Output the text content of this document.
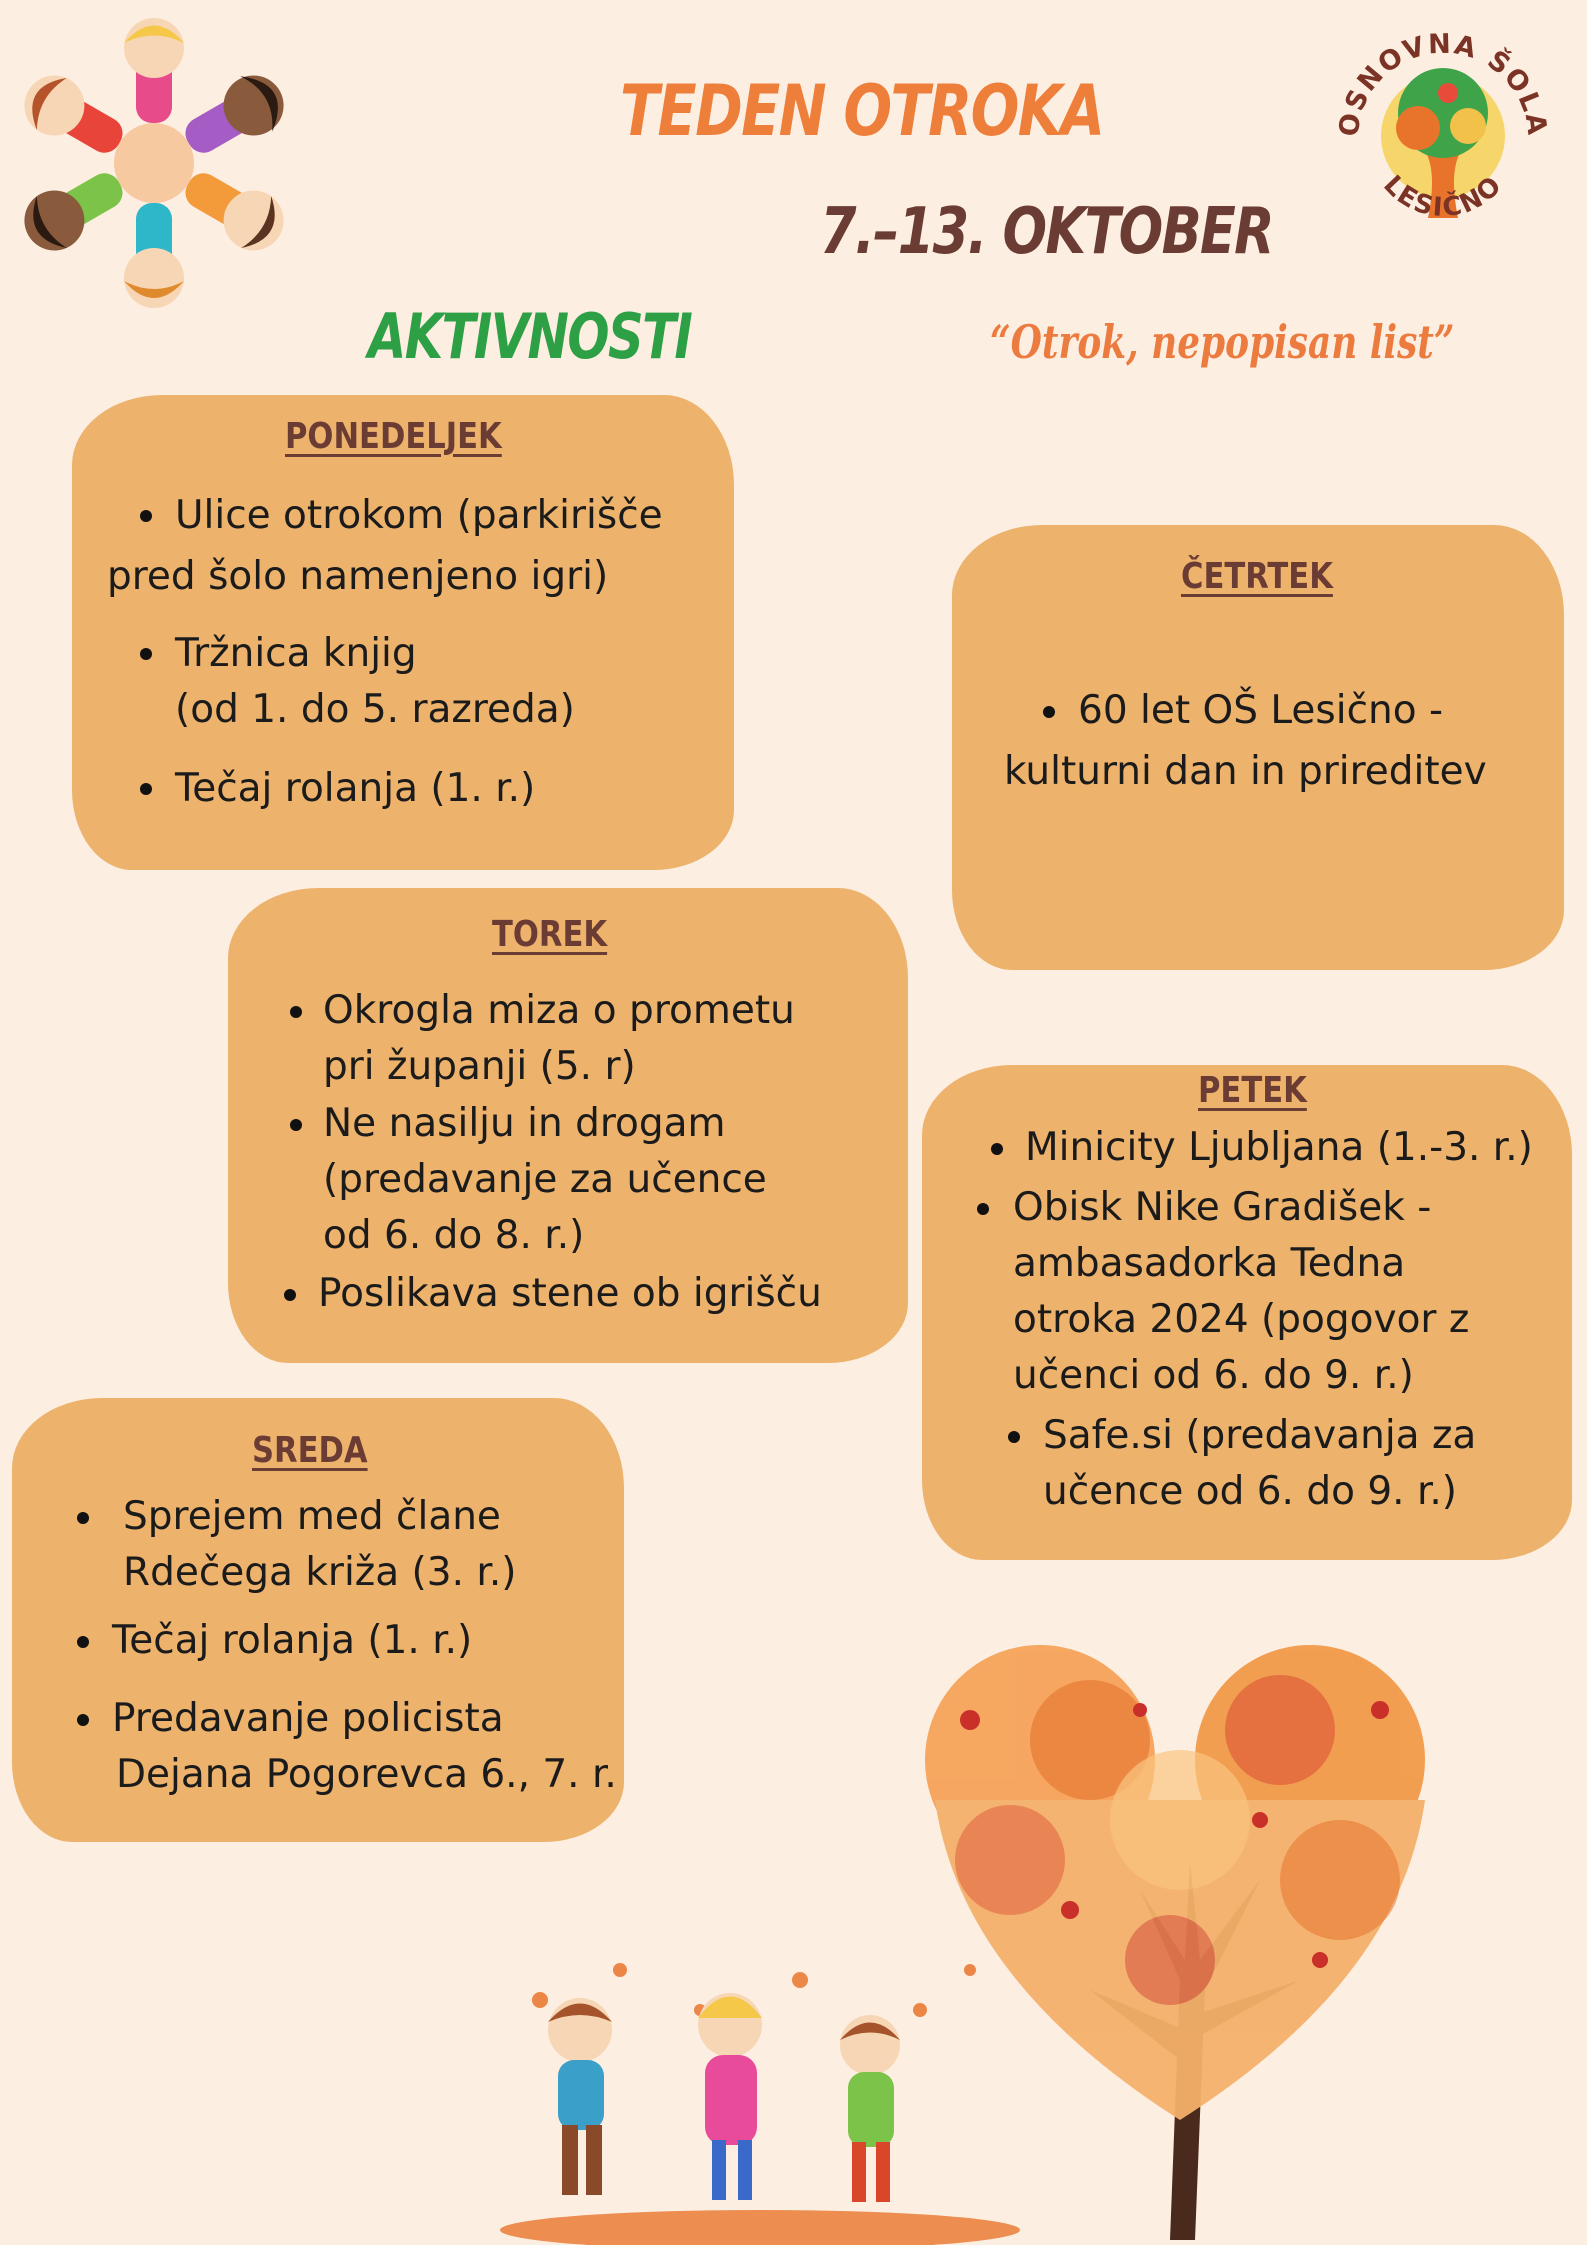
TEDEN OTROKA
7.–13. OKTOBER
AKTIVNOSTI	“Otrok, nepopisan list”
OSNOVNA ŠOLA
LESIČNO
PONEDELJEK
Ulice otrokom (parkirišče
pred šolo namenjeno igri)
Tržnica knjig
(od 1. do 5. razreda)
Tečaj rolanja (1. r.)
TOREK
Okrogla miza o prometu
pri županji (5. r)
Ne nasilju in drogam
(predavanje za učence
od 6. do 8. r.)
Poslikava stene ob igrišču
SREDA
Sprejem med člane
Rdečega križa (3. r.)
Tečaj rolanja (1. r.)
Predavanje policista
Dejana Pogorevca 6., 7. r.
ČETRTEK
60 let OŠ Lesično -
kulturni dan in prireditev
PETEK
Minicity Ljubljana (1.-3. r.)
Obisk Nike Gradišek -
ambasadorka Tedna
otroka 2024 (pogovor z
učenci od 6. do 9. r.)
Safe.si (predavanja za
učence od 6. do 9. r.)
